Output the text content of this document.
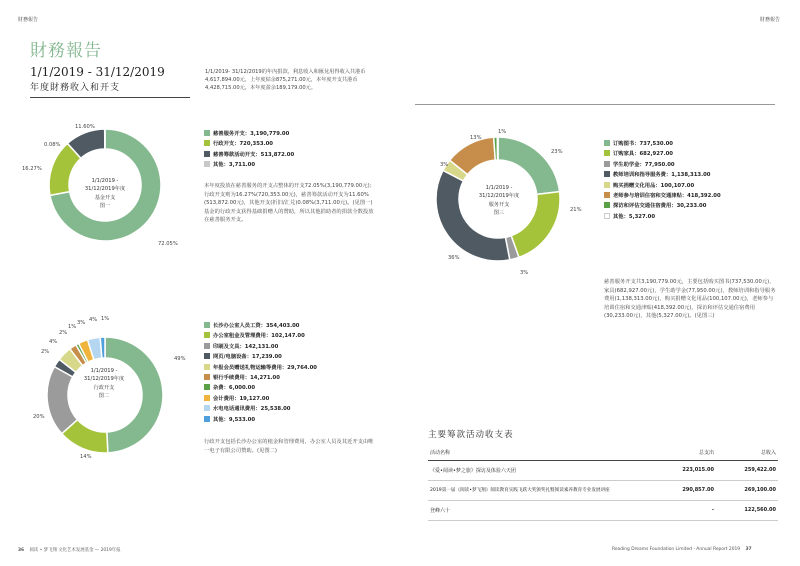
財務報告	財務報告
財務報告
1/1/2019 - 31/12/2019
年度財務收入和开支
1/1/2019- 31/12/2019的年內捐款，利息收入和匯兌用得收入共港币4,617,894.00元，上年度結余875,271.00元，本年度开支共港币4,428,715.00元，本年度盈余189,179.00元。
1/1/2019 -
31/12/2019年度
基金开支
图一
11.60%
0.08%
16.27%
72.05%
慈善服务开支：3,190,779.00
行政开支：720,353.00
慈善筹款活动开支：513,872.00
其他：3,711.00
本年度投放在慈善服务的开支占整体的开支72.05%(3,190,779.00元)；行政开支则为16.27%(720,353.00元)，慈善筹款活动开支为11.60%(513,872.00元)，其他开支(折旧/汇兑)0.08%(3,711.00元)。(见图一)基金的行政开支获得基础捐赠人的赞助，所以其他捐助者的捐款全数投放在慈善服务开支。
1/1/2019 -
31/12/2019年度
行政开支
图二
49%
14%
20%
2%
4%
2%
1%
3% 4% 1%
长沙办公室人员工资：354,403.00
办公室租金及管理费用：102,147.00
印刷及文具：142,131.00
网页/电脑设备：17,239.00
年报会员赠送礼物运输等费用：29,764.00
银行手续费用：14,271.00
杂费：6,000.00
会计费用：19,127.00
水电电话通讯费用：25,538.00
其他：9,533.00
行政开支包括长沙办公室的租金和管理费用，办公室人员及其近开支由唯一电子有限公司赞助。(见图二)
1/1/2019 -
31/12/2019年度
服务开支
图三
23%
21%
3%
36%
3%
13%
1%
订购图书：737,530.00
订购家具：682,927.00
学生助学金：77,950.00
教师培训和指导服务费：1,138,313.00
购买捐赠文化用品：100,107.00
老师参与培训住宿和交通津贴：418,392.00
探访和评估交通住宿费用：30,233.00
其他：5,327.00
慈善服务开支共3,190,779.00元，主要包括购买图书(737,530.00元)，家具(682,927.00元)，学生助学金(77,950.00元)，教师培训和指导服务费用(1,138,313.00元)，购买捐赠文化用品(100,107.00元)，老师参与培训住宿和交通津贴(418,392.00元)，探访和评估交通住宿费用(30,233.00元)，其他(5,327.00元)。(见图三)
主要筹款活动收支表
活动名称	总支出	总收入
《爱•阅读•梦之旅》探访及体验六天团	223,015.00	259,422.00
2019第一届《阅读•梦飞翔》阅读教育实践飞跃大奖颁奖礼暨阅读素养教育专业发展讲座	290,857.00	269,100.00
登峰六十	-	122,560.00
36 阅读 • 梦飞翔 文化艺术发展基金 — 2019年报	Reading Dreams Foundation Limited - Annual Report 2019 37
